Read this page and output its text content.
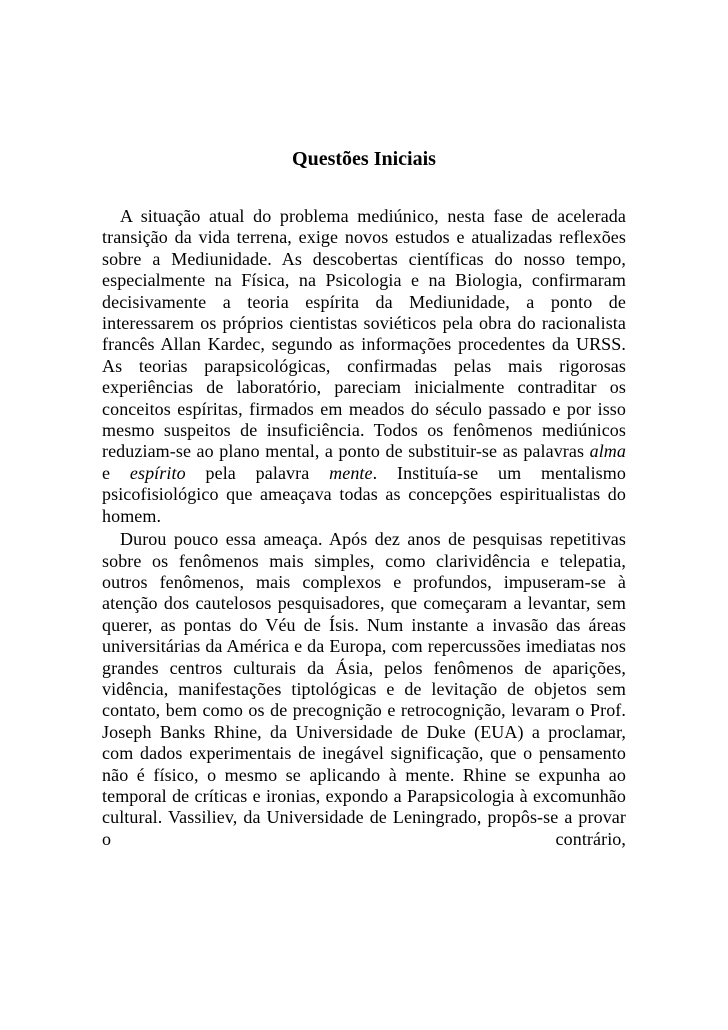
Questões Iniciais

A situação atual do problema mediúnico, nesta fase de acelerada transição da vida terrena, exige novos estudos e atualizadas reflexões sobre a Mediunidade. As descobertas científicas do nosso tempo, especialmente na Física, na Psicologia e na Biologia, confirmaram decisivamente a teoria espírita da Mediunidade, a ponto de interessarem os próprios cientistas soviéticos pela obra do racionalista francês Allan Kardec, segundo as informações procedentes da URSS. As teorias parapsicológicas, confirmadas pelas mais rigorosas experiências de laboratório, pareciam inicialmente contraditar os conceitos espíritas, firmados em meados do século passado e por isso mesmo suspeitos de insuficiência. Todos os fenômenos mediúnicos reduziam-se ao plano mental, a ponto de substituir-se as palavras alma e espírito pela palavra mente. Instituía-se um mentalismo psicofisiológico que ameaçava todas as concepções espiritualistas do homem.

Durou pouco essa ameaça. Após dez anos de pesquisas repetitivas sobre os fenômenos mais simples, como clarividência e telepatia, outros fenômenos, mais complexos e profundos, impuseram-se à atenção dos cautelosos pesquisadores, que começaram a levantar, sem querer, as pontas do Véu de Ísis. Num instante a invasão das áreas universitárias da América e da Europa, com repercussões imediatas nos grandes centros culturais da Ásia, pelos fenômenos de aparições, vidência, manifestações tiptológicas e de levitação de objetos sem contato, bem como os de precognição e retrocognição, levaram o Prof. Joseph Banks Rhine, da Universidade de Duke (EUA) a proclamar, com dados experimentais de inegável significação, que o pensamento não é físico, o mesmo se aplicando à mente. Rhine se expunha ao temporal de críticas e ironias, expondo a Parapsicologia à excomunhão cultural. Vassiliev, da Universidade de Leningrado, propôs-se a provar o contrário,
